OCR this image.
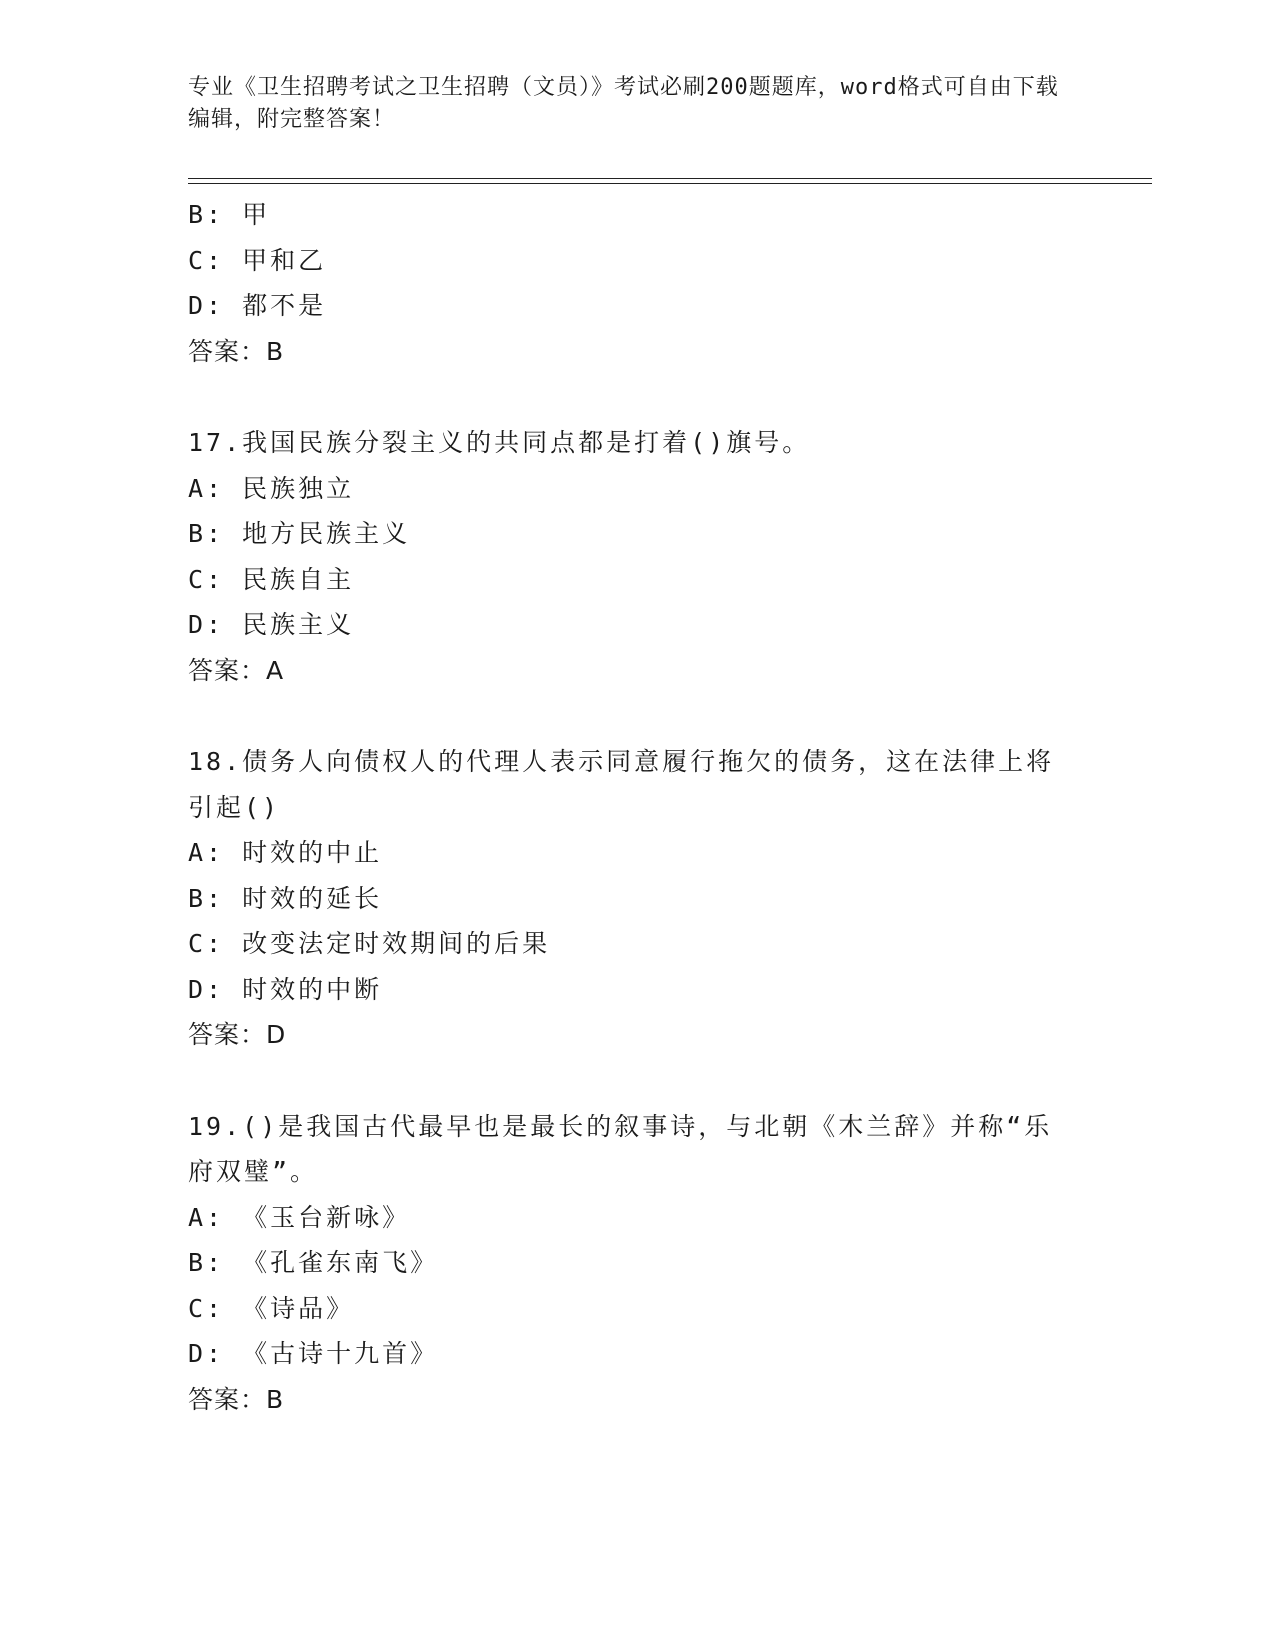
专业《卫生招聘考试之卫生招聘（文员）》考试必刷200题题库，word格式可自由下载编辑，附完整答案！
B: 甲
C: 甲和乙
D: 都不是
答案：B
17.我国民族分裂主义的共同点都是打着()旗号。
A: 民族独立
B: 地方民族主义
C: 民族自主
D: 民族主义
答案：A
18.债务人向债权人的代理人表示同意履行拖欠的债务，这在法律上将
引起()
A: 时效的中止
B: 时效的延长
C: 改变法定时效期间的后果
D: 时效的中断
答案：D
19.()是我国古代最早也是最长的叙事诗，与北朝《木兰辞》并称“乐
府双璧”。
A: 《玉台新咏》
B: 《孔雀东南飞》
C: 《诗品》
D: 《古诗十九首》
答案：B
